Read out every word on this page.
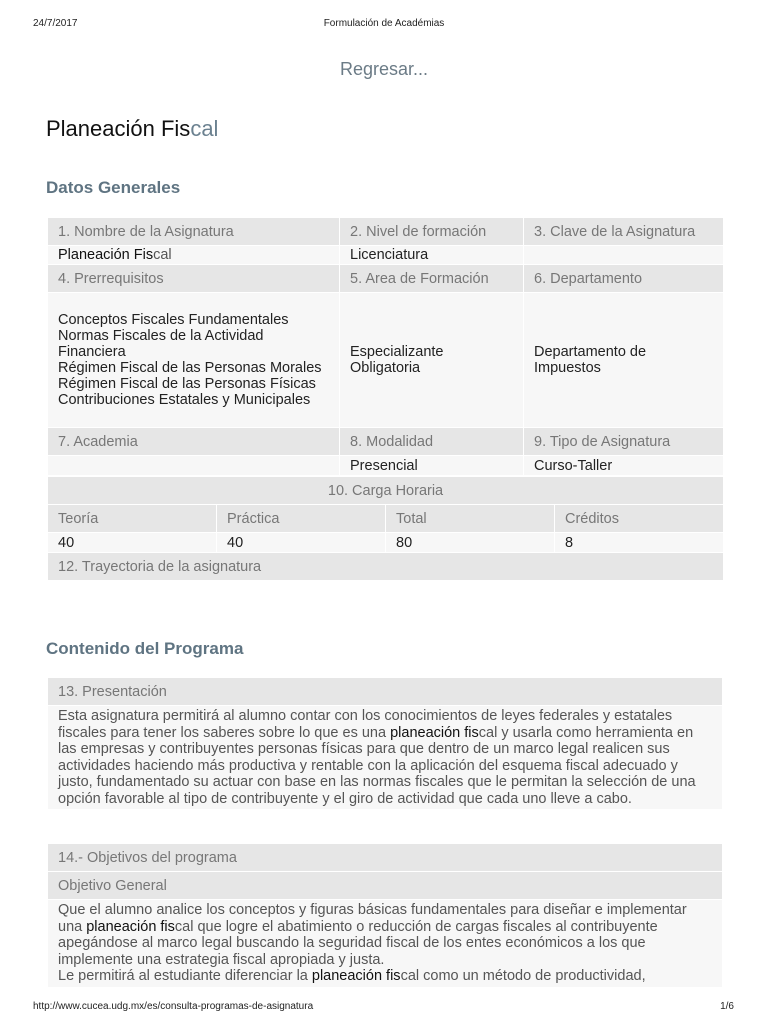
24/7/2017	Formulación de Académias
Regresar...
Planeación Fiscal
Datos Generales
1. Nombre de la Asignatura	2. Nivel de formación	3. Clave de la Asignatura
Planeación Fiscal	Licenciatura	
4. Prerrequisitos	5. Area de Formación	6. Departamento

Conceptos Fiscales Fundamentales
Normas Fiscales de la Actividad Financiera
Régimen Fiscal de las Personas Morales
Régimen Fiscal de las Personas Físicas
Contribuciones Estatales y Municipales	Especializante Obligatoria	Departamento de Impuestos
7. Academia	8. Modalidad	9. Tipo de Asignatura
	Presencial	Curso-Taller
10. Carga Horaria			
Teoría	Práctica	Total	Créditos
40	40	80	8
12. Trayectoria de la asignatura			
Contenido del Programa
13. Presentación
Esta asignatura permitirá al alumno contar con los conocimientos de leyes federales y estatales fiscales para tener los saberes sobre lo que es una planeación fiscal y usarla como herramienta en las empresas y contribuyentes personas físicas para que dentro de un marco legal realicen sus actividades haciendo más productiva y rentable con la aplicación del esquema fiscal adecuado y justo, fundamentado su actuar con base en las normas fiscales que le permitan la selección de una opción favorable al tipo de contribuyente y el giro de actividad que cada uno lleve a cabo.
14.- Objetivos del programa
Objetivo General
Que el alumno analice los conceptos y figuras básicas fundamentales para diseñar e implementar una planeación fiscal que logre el abatimiento o reducción de cargas fiscales al contribuyente apegándose al marco legal buscando la seguridad fiscal de los entes económicos a los que implemente una estrategia fiscal apropiada y justa.
Le permitirá al estudiante diferenciar la planeación fiscal como un método de productividad,
http://www.cucea.udg.mx/es/consulta-programas-de-asignatura	1/6
